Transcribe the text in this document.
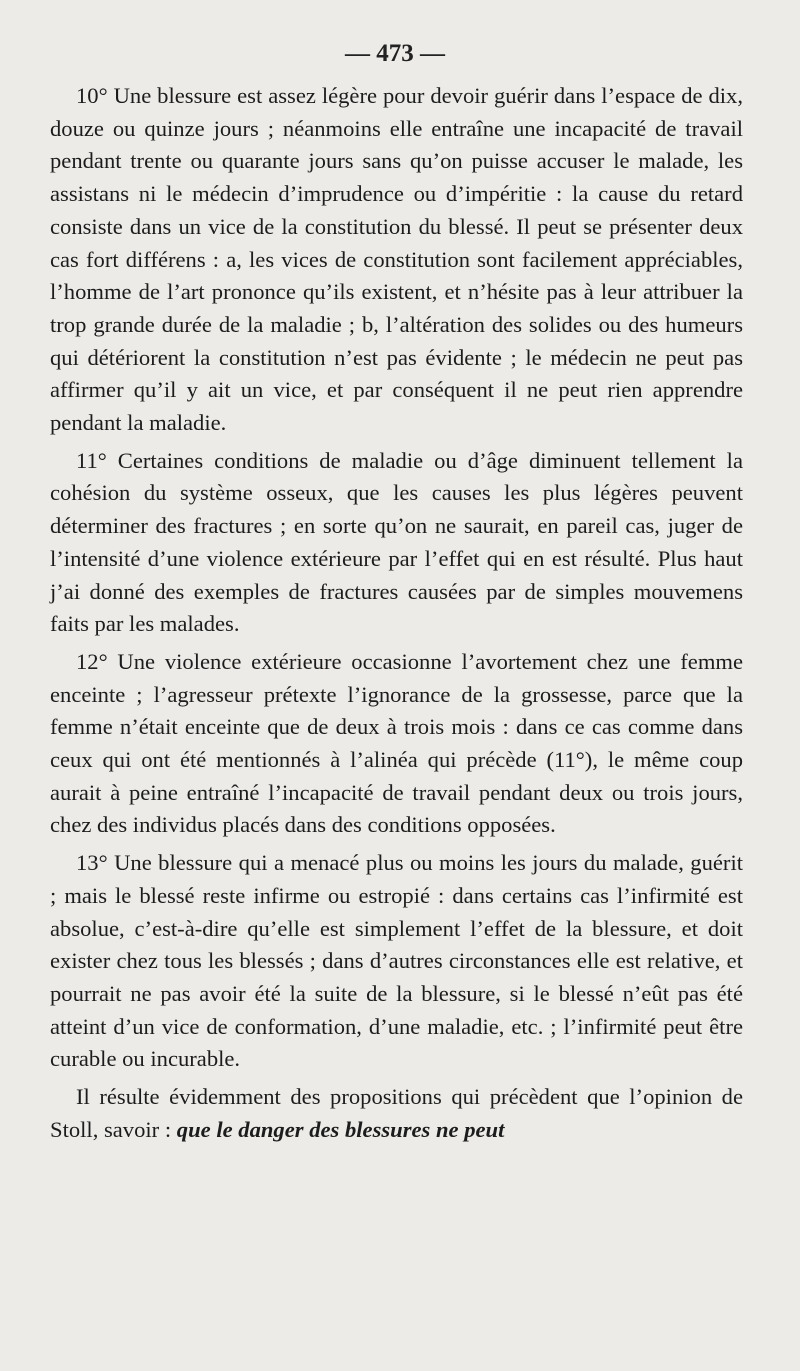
— 473 —

10° Une blessure est assez légère pour devoir guérir dans l’espace de dix, douze ou quinze jours ; néanmoins elle entraîne une incapacité de travail pendant trente ou quarante jours sans qu’on puisse accuser le malade, les assistans ni le médecin d’imprudence ou d’impéritie : la cause du retard consiste dans un vice de la constitution du blessé. Il peut se présenter deux cas fort différens : a, les vices de constitution sont facilement appréciables, l’homme de l’art prononce qu’ils existent, et n’hésite pas à leur attribuer la trop grande durée de la maladie ; b, l’altération des solides ou des humeurs qui détériorent la constitution n’est pas évidente ; le médecin ne peut pas affirmer qu’il y ait un vice, et par conséquent il ne peut rien apprendre pendant la maladie.

11° Certaines conditions de maladie ou d’âge diminuent tellement la cohésion du système osseux, que les causes les plus légères peuvent déterminer des fractures ; en sorte qu’on ne saurait, en pareil cas, juger de l’intensité d’une violence extérieure par l’effet qui en est résulté. Plus haut j’ai donné des exemples de fractures causées par de simples mouvemens faits par les malades.

12° Une violence extérieure occasionne l’avortement chez une femme enceinte ; l’agresseur prétexte l’ignorance de la grossesse, parce que la femme n’était enceinte que de deux à trois mois : dans ce cas comme dans ceux qui ont été mentionnés à l’alinéa qui précède (11°), le même coup aurait à peine entraîné l’incapacité de travail pendant deux ou trois jours, chez des individus placés dans des conditions opposées.

13° Une blessure qui a menacé plus ou moins les jours du malade, guérit ; mais le blessé reste infirme ou estropié : dans certains cas l’infirmité est absolue, c’est-à-dire qu’elle est simplement l’effet de la blessure, et doit exister chez tous les blessés ; dans d’autres circonstances elle est relative, et pourrait ne pas avoir été la suite de la blessure, si le blessé n’eût pas été atteint d’un vice de conformation, d’une maladie, etc. ; l’infirmité peut être curable ou incurable.

Il résulte évidemment des propositions qui précèdent que l’opinion de Stoll, savoir : que le danger des blessures ne peut
